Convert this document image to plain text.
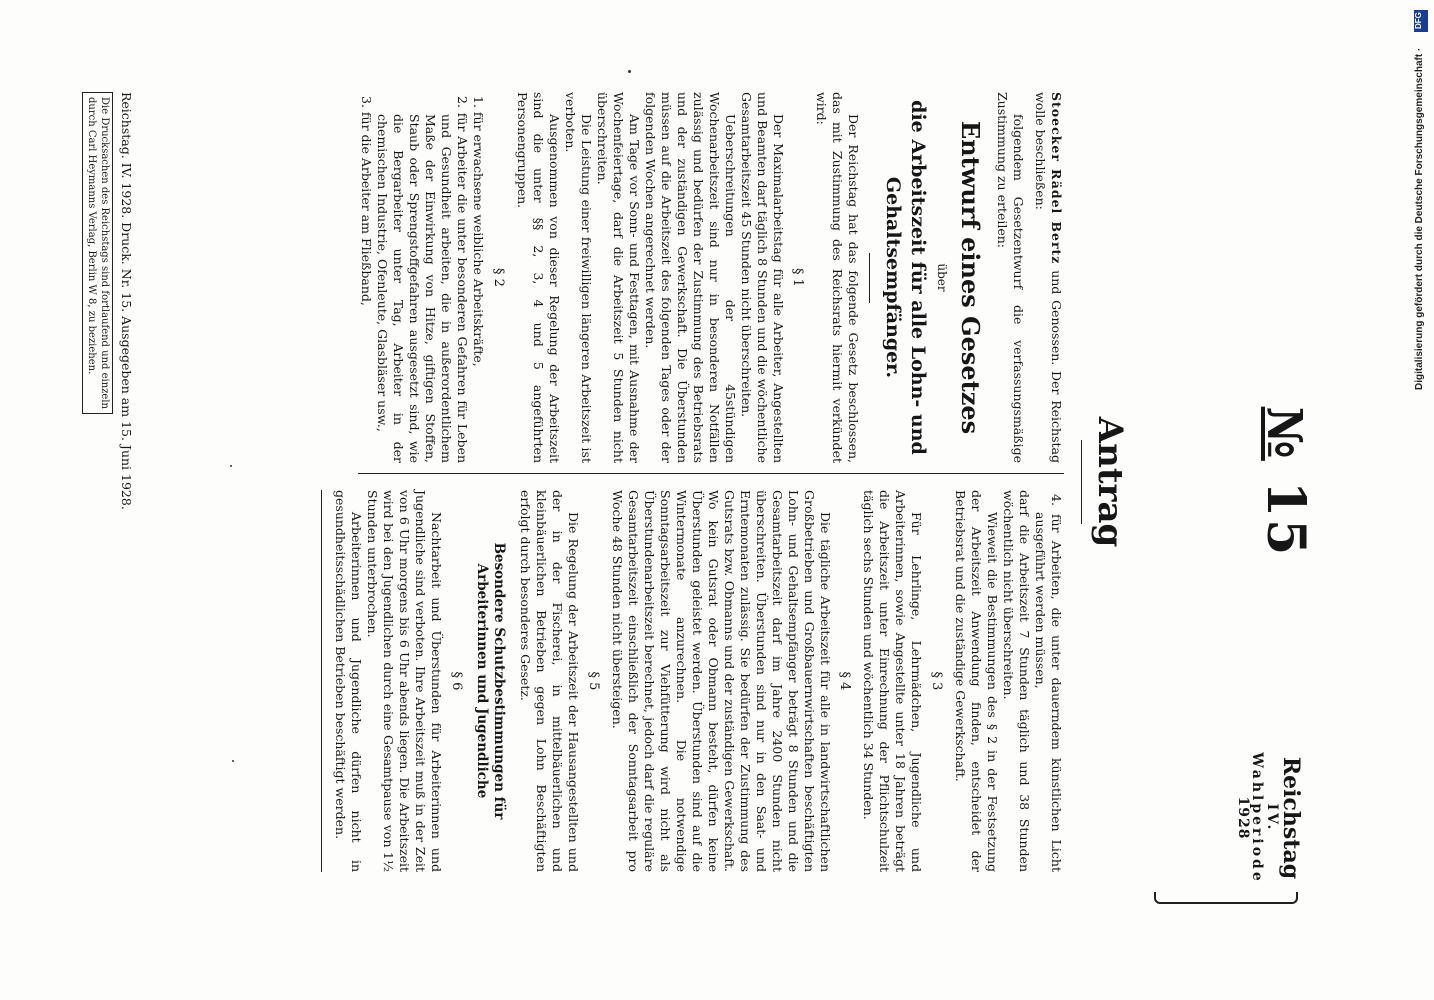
№ 15
Reichstag
IV. Wahlperiode
1928
Antrag

Stoecker Rädel Bertz und Genossen. Der Reichstag wolle beschließen:

folgendem Gesetzentwurf die verfassungsmäßige Zustimmung zu erteilen:

Entwurf eines Gesetzes
über
die Arbeitszeit für alle Lohn- und Gehaltsempfänger.

Der Reichstag hat das folgende Gesetz beschlossen, das mit Zustimmung des Reichsrats hiermit verkündet wird:

§ 1

Der Maximalarbeitstag für alle Arbeiter, Angestellten und Beamten darf täglich 8 Stunden und die wöchentliche Gesamtarbeitszeit 45 Stunden nicht überschreiten.

Ueberschreitungen der 45stündigen Wochenarbeitszeit sind nur in besonderen Notfällen zulässig und bedürfen der Zustimmung des Betriebsrats und der zuständigen Gewerkschaft. Die Überstunden müssen auf die Arbeitszeit des folgenden Tages oder der folgenden Wochen angerechnet werden.

Am Tage vor Sonn- und Festtagen, mit Ausnahme der Wochenfeiertage, darf die Arbeitszeit 5 Stunden nicht überschreiten.

Die Leistung einer freiwilligen längeren Arbeitszeit ist verboten.

Ausgenommen von dieser Regelung der Arbeitszeit sind die unter §§ 2, 3, 4 und 5 angeführten Personengruppen.

§ 2

1. für erwachsene weibliche Arbeitskräfte,

2. für Arbeiter die unter besonderen Gefahren für Leben und Gesundheit arbeiten, die in außerordentlichem Maße der Einwirkung von Hitze, giftigen Stoffen, Staub oder Sprengstoffgefahren ausgesetzt sind, wie die Bergarbeiter unter Tag, Arbeiter in der chemischen Industrie, Ofenleute, Glasbläser usw.,

3. für die Arbeiter am Fließband,

4. für Arbeiten, die unter dauerndem künstlichen Licht ausgeführt werden müssen,

darf die Arbeitszeit 7 Stunden täglich und 38 Stunden wöchentlich nicht überschreiten.

Wieweit die Bestimmungen des § 2 in der Festsetzung der Arbeitszeit Anwendung finden, entscheidet der Betriebsrat und die zuständige Gewerkschaft.

§ 3

Für Lehrlinge, Lehrmädchen, Jugendliche und Arbeiterinnen, sowie Angestellte unter 18 Jahren beträgt die Arbeitszeit unter Einrechnung der Pflichtschulzeit täglich sechs Stunden und wöchentlich 34 Stunden.

§ 4

Die tägliche Arbeitszeit für alle in landwirtschaftlichen Großbetrieben und Großbauernwirtschaften beschäftigten Lohn- und Gehaltsempfänger beträgt 8 Stunden und die Gesamtarbeitszeit darf im Jahre 2400 Stunden nicht überschreiten. Überstunden sind nur in den Saat- und Erntemonaten zulässig. Sie bedürfen der Zustimmung des Gutsrats bzw. Obmanns und der zuständigen Gewerkschaft. Wo kein Gutsrat oder Obmann besteht, dürfen keine Überstunden geleistet werden. Überstunden sind auf die Wintermonate anzurechnen. Die notwendige Sonntagsarbeitszeit zur Viehfütterung wird nicht als Überstundenarbeitszeit berechnet, jedoch darf die reguläre Gesamtarbeitszeit einschließlich der Sonntagsarbeit pro Woche 48 Stunden nicht übersteigen.

§ 5

Die Regelung der Arbeitszeit der Hausangestellten und der in der Fischerei, in mittelbäuerlichen und kleinbäuerlichen Betrieben gegen Lohn Beschäftigten erfolgt durch besonderes Gesetz.

Besondere Schutzbestimmungen für Arbeiterinnen und Jugendliche
§ 6

Nachtarbeit und Überstunden für Arbeiterinnen und Jugendliche sind verboten. Ihre Arbeitszeit muß in der Zeit von 6 Uhr morgens bis 6 Uhr abends liegen. Die Arbeitszeit wird bei den Jugendlichen durch eine Gesamtpause von 1½ Stunden unterbrochen.

Arbeiterinnen und Jugendliche dürfen nicht in gesundheitsschädlichen Betrieben beschäftigt werden.

Reichstag. IV. 1928. Druck. Nr. 15. Ausgegeben am 15. Juni 1928.
Die Drucksachen des Reichstags sind fortlaufend und einzeln
durch Carl Heymanns Verlag, Berlin W 8, zu beziehen.
DFG
Digitalisierung gefördert durch die Deutsche Forschungsgemeinschaft ·
